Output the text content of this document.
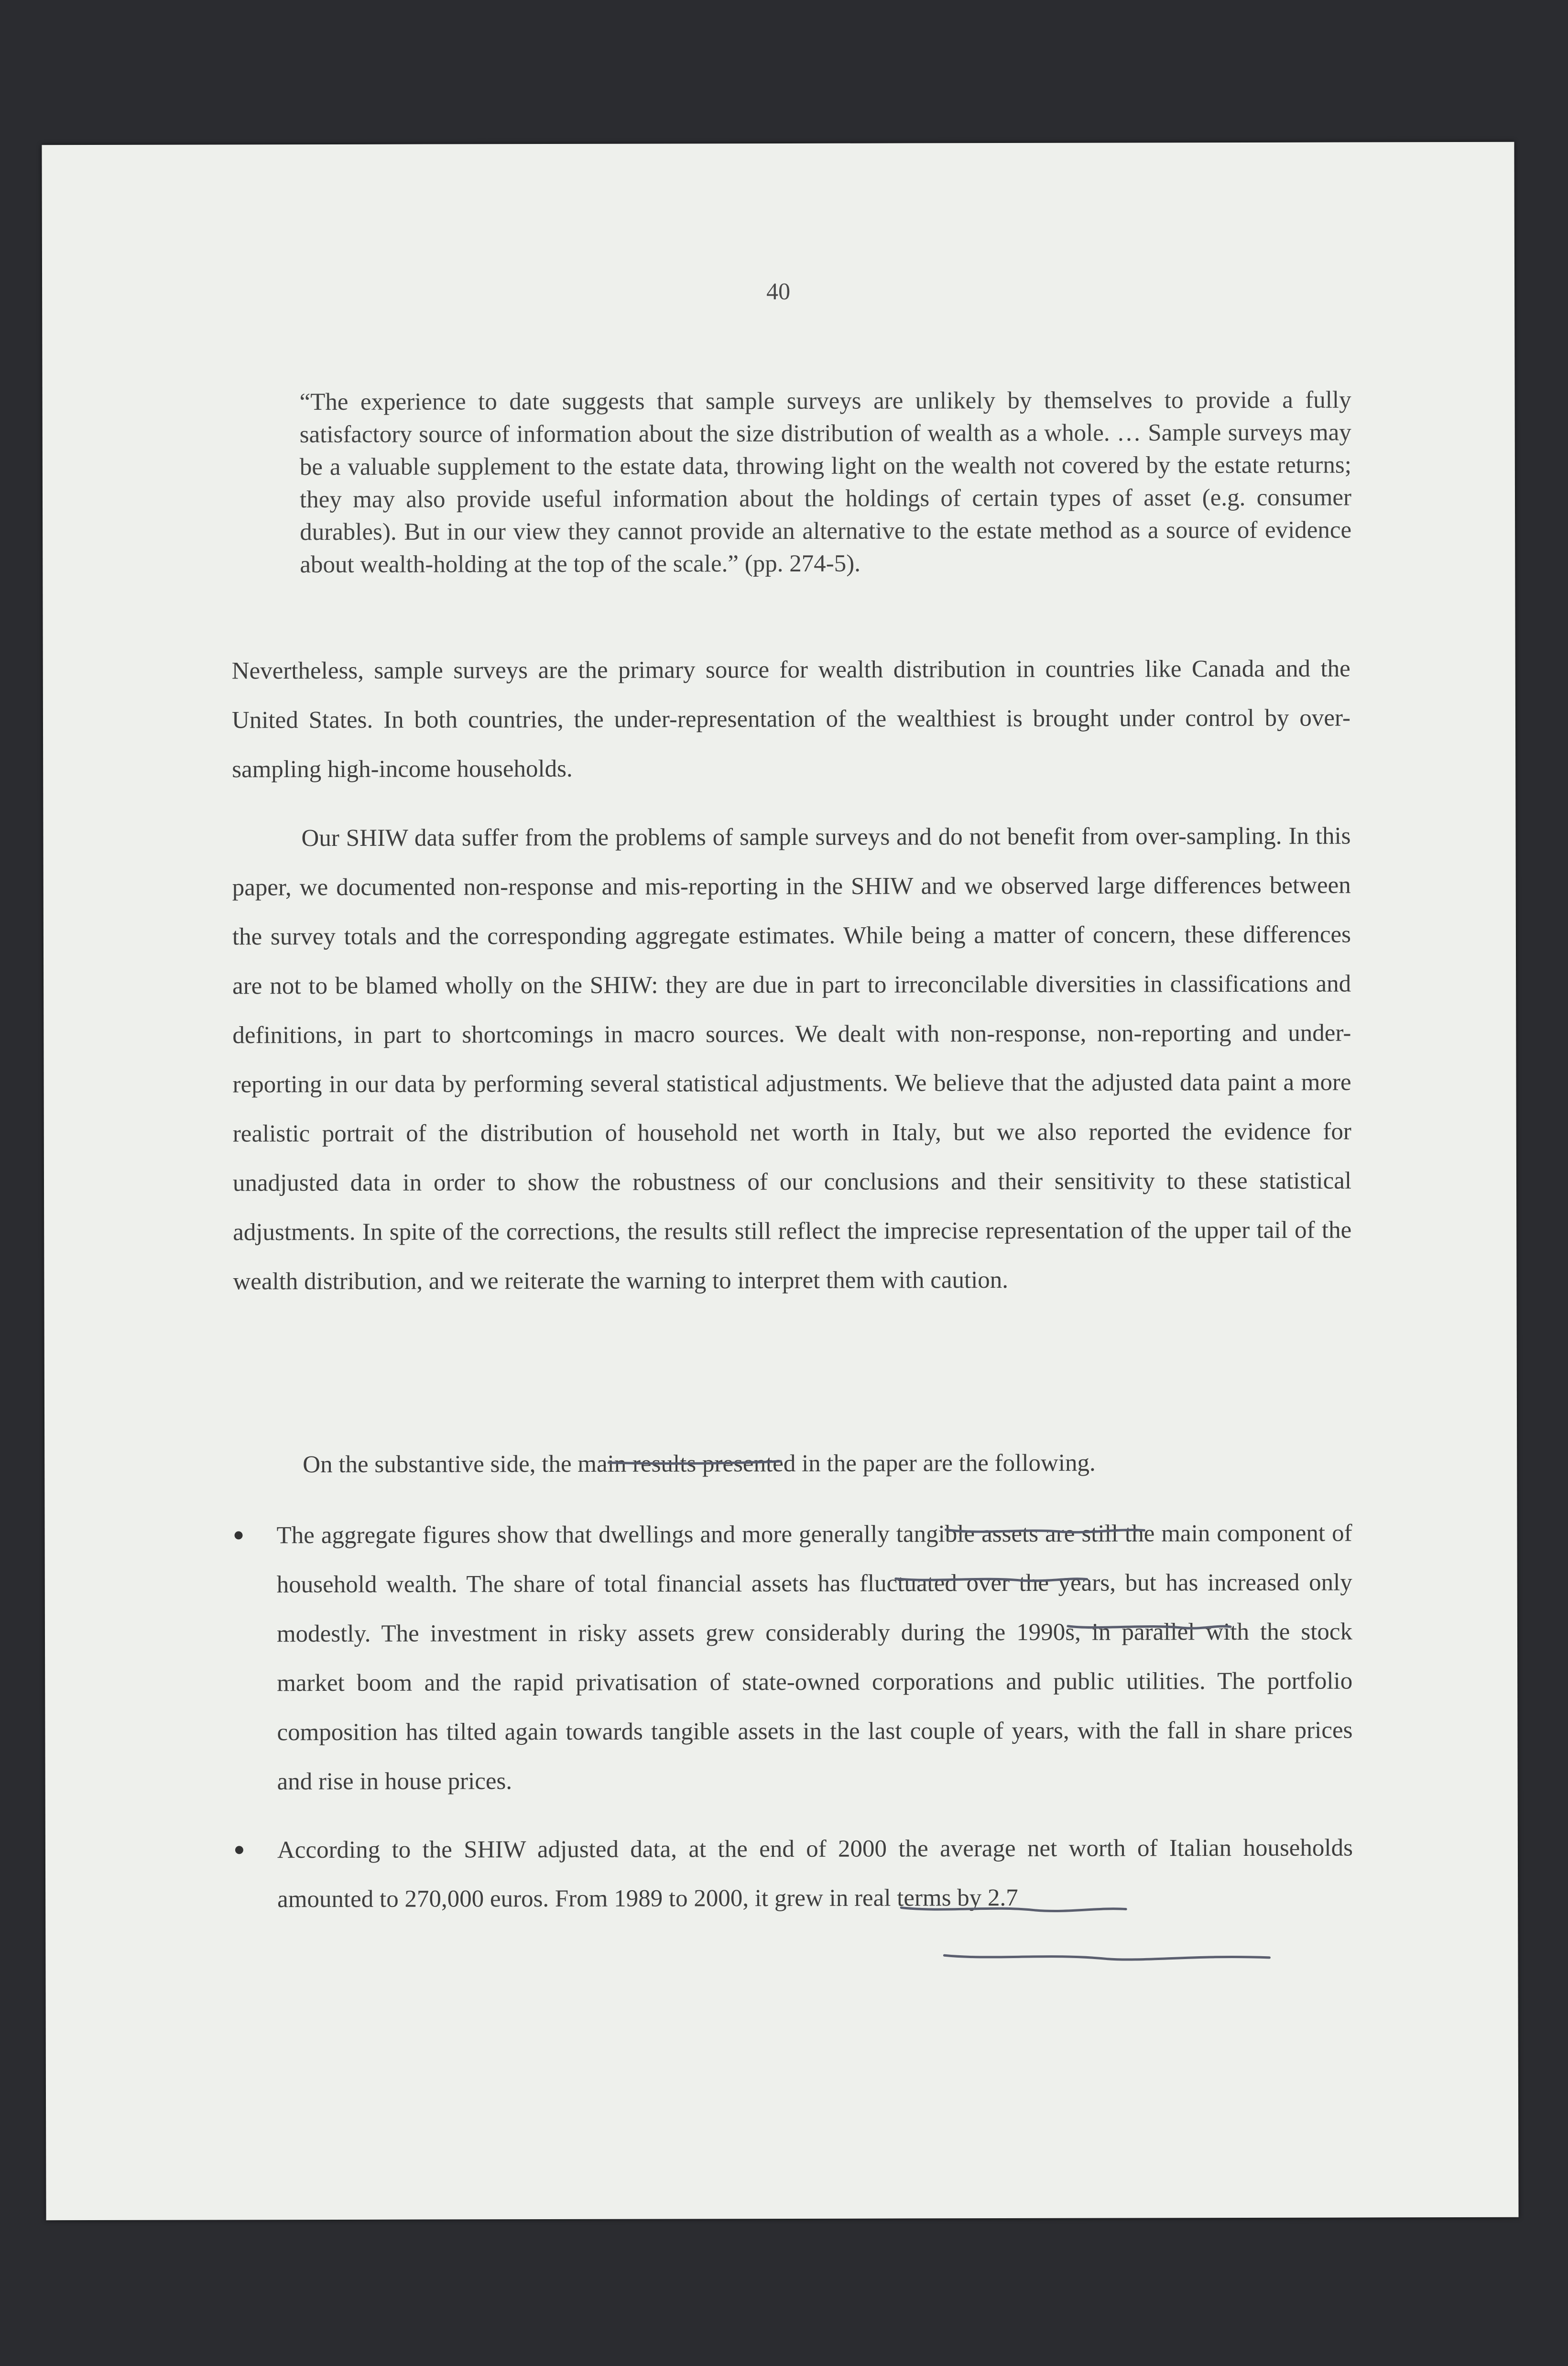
40
“The experience to date suggests that sample surveys are unlikely by themselves to provide a fully satisfactory source of information about the size distribution of wealth as a whole. … Sample surveys may be a valuable supplement to the estate data, throwing light on the wealth not covered by the estate returns; they may also provide useful information about the holdings of certain types of asset (e.g. consumer durables). But in our view they cannot provide an alternative to the estate method as a source of evidence about wealth-holding at the top of the scale.” (pp. 274-5).
Nevertheless, sample surveys are the primary source for wealth distribution in countries like Canada and the United States. In both countries, the under-representation of the wealthiest is brought under control by over-sampling high-income households.
Our SHIW data suffer from the problems of sample surveys and do not benefit from over-sampling. In this paper, we documented non-response and mis-reporting in the SHIW and we observed large differences between the survey totals and the corresponding aggregate estimates. While being a matter of concern, these differences are not to be blamed wholly on the SHIW: they are due in part to irreconcilable diversities in classifications and definitions, in part to shortcomings in macro sources. We dealt with non-response, non-reporting and under-reporting in our data by performing several statistical adjustments. We believe that the adjusted data paint a more realistic portrait of the distribution of household net worth in Italy, but we also reported the evidence for unadjusted data in order to show the robustness of our conclusions and their sensitivity to these statistical adjustments. In spite of the corrections, the results still reflect the imprecise representation of the upper tail of the wealth distribution, and we reiterate the warning to interpret them with caution.
On the substantive side, the main results presented in the paper are the following.
The aggregate figures show that dwellings and more generally tangible assets are still the main component of household wealth. The share of total financial assets has fluctuated over the years, but has increased only modestly. The investment in risky assets grew considerably during the 1990s, in parallel with the stock market boom and the rapid privatisation of state-owned corporations and public utilities. The portfolio composition has tilted again towards tangible assets in the last couple of years, with the fall in share prices and rise in house prices.
According to the SHIW adjusted data, at the end of 2000 the average net worth of Italian households amounted to 270,000 euros. From 1989 to 2000, it grew in real terms by 2.7
